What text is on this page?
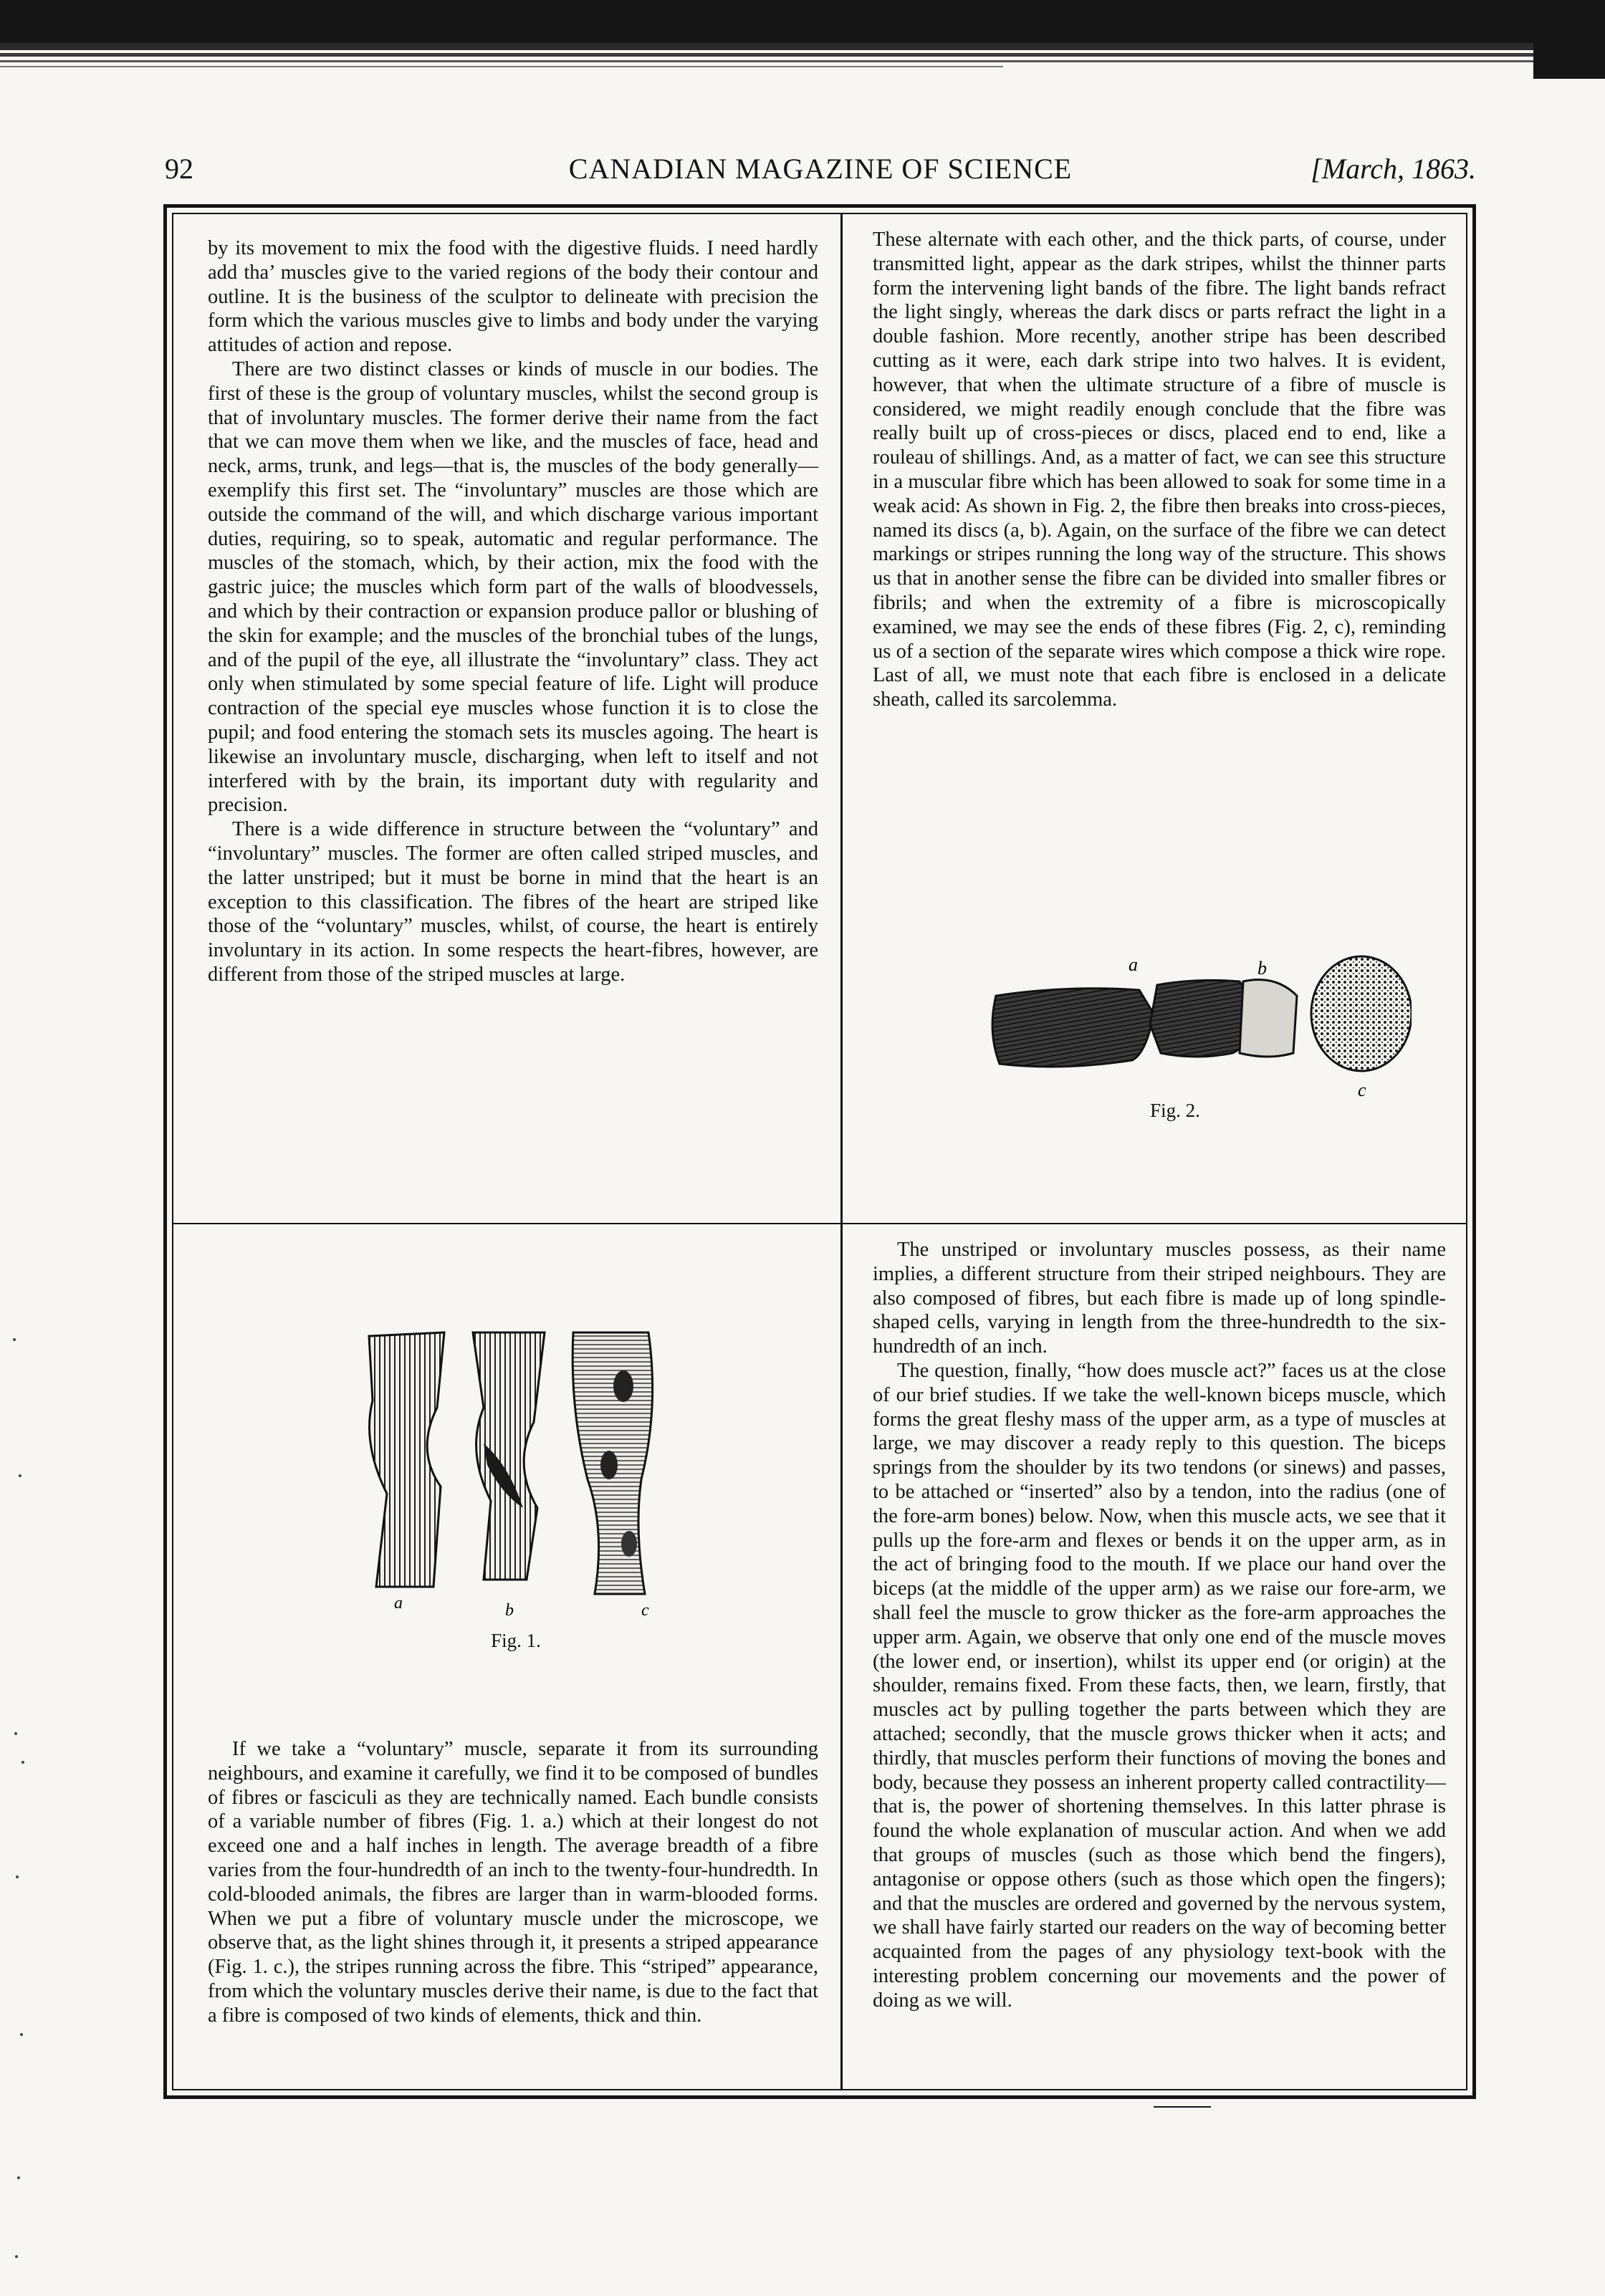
92	CANADIAN MAGAZINE OF SCIENCE	[March, 1863.

by its movement to mix the food with the digestive fluids. I need hardly add tha’ muscles give to the varied regions of the body their contour and outline. It is the business of the sculptor to delineate with precision the form which the various muscles give to limbs and body under the varying attitudes of action and repose.

There are two distinct classes or kinds of muscle in our bodies. The first of these is the group of voluntary muscles, whilst the second group is that of involuntary muscles. The former derive their name from the fact that we can move them when we like, and the muscles of face, head and neck, arms, trunk, and legs—that is, the muscles of the body generally—exemplify this first set. The “involuntary” muscles are those which are outside the command of the will, and which discharge various important duties, requiring, so to speak, automatic and regular performance. The muscles of the stomach, which, by their action, mix the food with the gastric juice; the muscles which form part of the walls of bloodvessels, and which by their contraction or expansion produce pallor or blushing of the skin for example; and the muscles of the bronchial tubes of the lungs, and of the pupil of the eye, all illustrate the “involuntary” class. They act only when stimulated by some special feature of life. Light will produce contraction of the special eye muscles whose function it is to close the pupil; and food entering the stomach sets its muscles agoing. The heart is likewise an involuntary muscle, discharging, when left to itself and not interfered with by the brain, its important duty with regularity and precision.

There is a wide difference in structure between the “voluntary” and “involuntary” muscles. The former are often called striped muscles, and the latter unstriped; but it must be borne in mind that the heart is an exception to this classification. The fibres of the heart are striped like those of the “voluntary” muscles, whilst, of course, the heart is entirely involuntary in its action. In some respects the heart-fibres, however, are different from those of the striped muscles at large.

These alternate with each other, and the thick parts, of course, under transmitted light, appear as the dark stripes, whilst the thinner parts form the intervening light bands of the fibre. The light bands refract the light singly, whereas the dark discs or parts refract the light in a double fashion. More recently, another stripe has been described cutting as it were, each dark stripe into two halves. It is evident, however, that when the ultimate structure of a fibre of muscle is considered, we might readily enough conclude that the fibre was really built up of cross-pieces or discs, placed end to end, like a rouleau of shillings. And, as a matter of fact, we can see this structure in a muscular fibre which has been allowed to soak for some time in a weak acid: As shown in Fig. 2, the fibre then breaks into cross-pieces, named its discs (a, b). Again, on the surface of the fibre we can detect markings or stripes running the long way of the structure. This shows us that in another sense the fibre can be divided into smaller fibres or fibrils; and when the extremity of a fibre is microscopically examined, we may see the ends of these fibres (Fig. 2, c), reminding us of a section of the separate wires which compose a thick wire rope. Last of all, we must note that each fibre is enclosed in a delicate sheath, called its sarcolemma.

a	b
c
Fig. 2.
a	b	c
Fig. 1.

If we take a “voluntary” muscle, separate it from its surrounding neighbours, and examine it carefully, we find it to be composed of bundles of fibres or fasciculi as they are technically named. Each bundle consists of a variable number of fibres (Fig. 1. a.) which at their longest do not exceed one and a half inches in length. The average breadth of a fibre varies from the four-hundredth of an inch to the twenty-four-hundredth. In cold-blooded animals, the fibres are larger than in warm-blooded forms. When we put a fibre of voluntary muscle under the microscope, we observe that, as the light shines through it, it presents a striped appearance (Fig. 1. c.), the stripes running across the fibre. This “striped” appearance, from which the voluntary muscles derive their name, is due to the fact that a fibre is composed of two kinds of elements, thick and thin.

The unstriped or involuntary muscles possess, as their name implies, a different structure from their striped neighbours. They are also composed of fibres, but each fibre is made up of long spindle-shaped cells, varying in length from the three-hundredth to the six-hundredth of an inch.

The question, finally, “how does muscle act?” faces us at the close of our brief studies. If we take the well-known biceps muscle, which forms the great fleshy mass of the upper arm, as a type of muscles at large, we may discover a ready reply to this question. The biceps springs from the shoulder by its two tendons (or sinews) and passes, to be attached or “inserted” also by a tendon, into the radius (one of the fore-arm bones) below. Now, when this muscle acts, we see that it pulls up the fore-arm and flexes or bends it on the upper arm, as in the act of bringing food to the mouth. If we place our hand over the biceps (at the middle of the upper arm) as we raise our fore-arm, we shall feel the muscle to grow thicker as the fore-arm approaches the upper arm. Again, we observe that only one end of the muscle moves (the lower end, or insertion), whilst its upper end (or origin) at the shoulder, remains fixed. From these facts, then, we learn, firstly, that muscles act by pulling together the parts between which they are attached; secondly, that the muscle grows thicker when it acts; and thirdly, that muscles perform their functions of moving the bones and body, because they possess an inherent property called contractility—that is, the power of shortening themselves. In this latter phrase is found the whole explanation of muscular action. And when we add that groups of muscles (such as those which bend the fingers), antagonise or oppose others (such as those which open the fingers); and that the muscles are ordered and governed by the nervous system, we shall have fairly started our readers on the way of becoming better acquainted from the pages of any physiology text-book with the interesting problem concerning our movements and the power of doing as we will.
